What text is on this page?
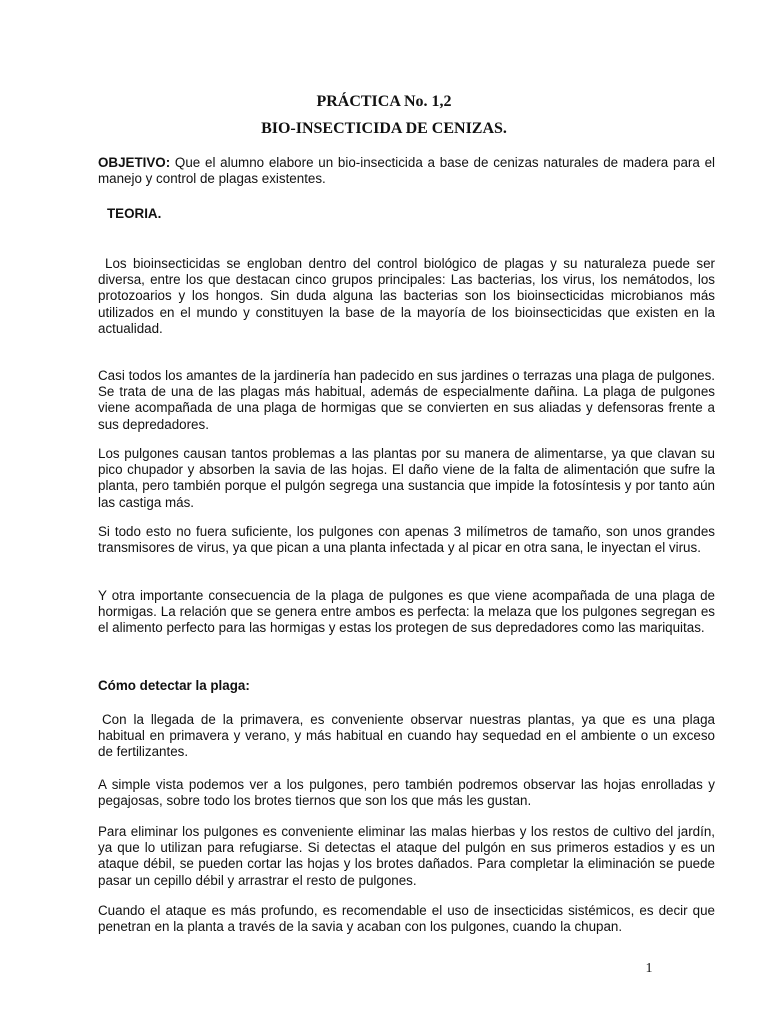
PRÁCTICA No. 1,2
BIO-INSECTICIDA DE CENIZAS.

OBJETIVO: Que el alumno elabore un bio-insecticida a base de cenizas naturales de madera para el manejo y control de plagas existentes.

TEORIA.

Los bioinsecticidas se engloban dentro del control biológico de plagas y su naturaleza puede ser diversa, entre los que destacan cinco grupos principales: Las bacterias, los virus, los nemátodos, los protozoarios y los hongos. Sin duda alguna las bacterias son los bioinsecticidas microbianos más utilizados en el mundo y constituyen la base de la mayoría de los bioinsecticidas que existen en la actualidad.

Casi todos los amantes de la jardinería han padecido en sus jardines o terrazas una plaga de pulgones. Se trata de una de las plagas más habitual, además de especialmente dañina. La plaga de pulgones viene acompañada de una plaga de hormigas que se convierten en sus aliadas y defensoras frente a sus depredadores.

Los pulgones causan tantos problemas a las plantas por su manera de alimentarse, ya que clavan su pico chupador y absorben la savia de las hojas. El daño viene de la falta de alimentación que sufre la planta, pero también porque el pulgón segrega una sustancia que impide la fotosíntesis y por tanto aún las castiga más.

Si todo esto no fuera suficiente, los pulgones con apenas 3 milímetros de tamaño, son unos grandes transmisores de virus, ya que pican a una planta infectada y al picar en otra sana, le inyectan el virus.

Y otra importante consecuencia de la plaga de pulgones es que viene acompañada de una plaga de hormigas. La relación que se genera entre ambos es perfecta: la melaza que los pulgones segregan es el alimento perfecto para las hormigas y estas los protegen de sus depredadores como las mariquitas.

Cómo detectar la plaga:

Con la llegada de la primavera, es conveniente observar nuestras plantas, ya que es una plaga habitual en primavera y verano, y más habitual en cuando hay sequedad en el ambiente o un exceso de fertilizantes.

A simple vista podemos ver a los pulgones, pero también podremos observar las hojas enrolladas y pegajosas, sobre todo los brotes tiernos que son los que más les gustan.

Para eliminar los pulgones es conveniente eliminar las malas hierbas y los restos de cultivo del jardín, ya que lo utilizan para refugiarse. Si detectas el ataque del pulgón en sus primeros estadios y es un ataque débil, se pueden cortar las hojas y los brotes dañados. Para completar la eliminación se puede pasar un cepillo débil y arrastrar el resto de pulgones.

Cuando el ataque es más profundo, es recomendable el uso de insecticidas sistémicos, es decir que penetran en la planta a través de la savia y acaban con los pulgones, cuando la chupan.

1
